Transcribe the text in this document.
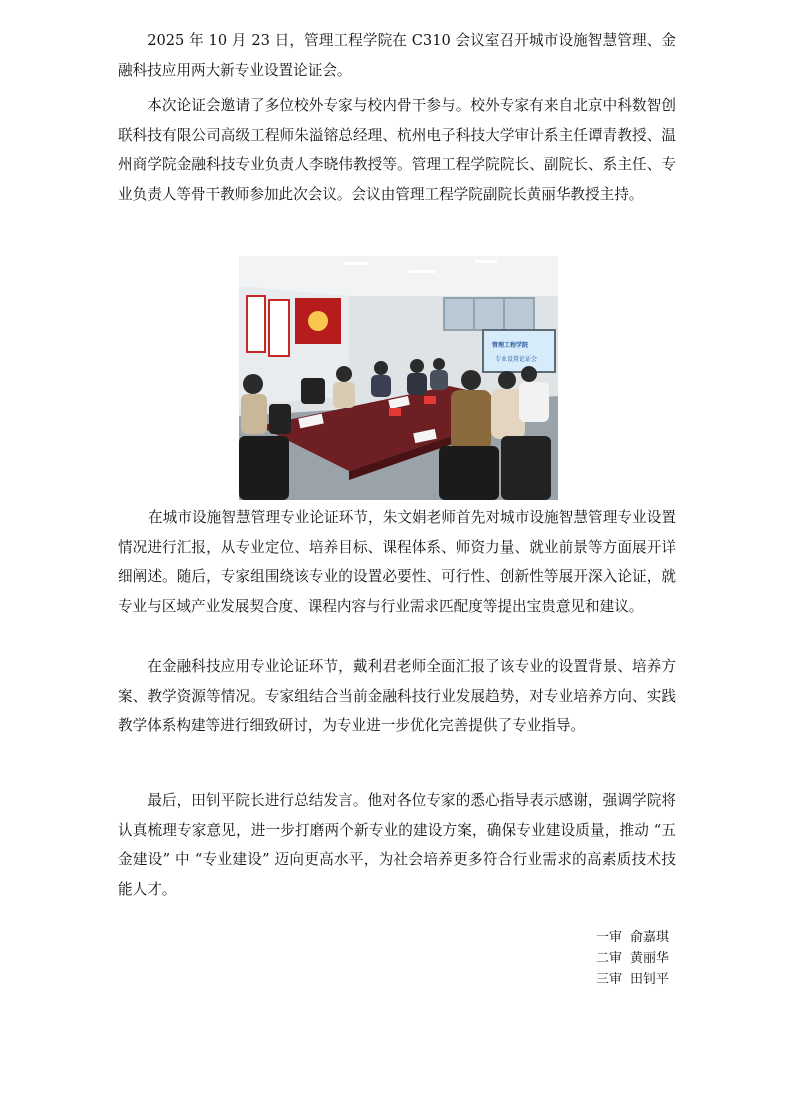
2025 年 10 月 23 日，管理工程学院在 C310 会议室召开城市设施智慧管理、金融科技应用两大新专业设置论证会。

本次论证会邀请了多位校外专家与校内骨干参与。校外专家有来自北京中科数智创联科技有限公司高级工程师朱溢镕总经理、杭州电子科技大学审计系主任谭青教授、温州商学院金融科技专业负责人李晓伟教授等。管理工程学院院长、副院长、系主任、专业负责人等骨干教师参加此次会议。会议由管理工程学院副院长黄丽华教授主持。

管理工程学院
专业设置论证会

在城市设施智慧管理专业论证环节，朱文娟老师首先对城市设施智慧管理专业设置情况进行汇报，从专业定位、培养目标、课程体系、师资力量、就业前景等方面展开详细阐述。随后，专家组围绕该专业的设置必要性、可行性、创新性等展开深入论证，就专业与区域产业发展契合度、课程内容与行业需求匹配度等提出宝贵意见和建议。

在金融科技应用专业论证环节，戴利君老师全面汇报了该专业的设置背景、培养方案、教学资源等情况。专家组结合当前金融科技行业发展趋势，对专业培养方向、实践教学体系构建等进行细致研讨，为专业进一步优化完善提供了专业指导。

最后，田钊平院长进行总结发言。他对各位专家的悉心指导表示感谢，强调学院将认真梳理专家意见，进一步打磨两个新专业的建设方案，确保专业建设质量，推动 “五金建设” 中 “专业建设” 迈向更高水平，为社会培养更多符合行业需求的高素质技术技能人才。

一审 俞嘉琪
二审 黄丽华
三审 田钊平
